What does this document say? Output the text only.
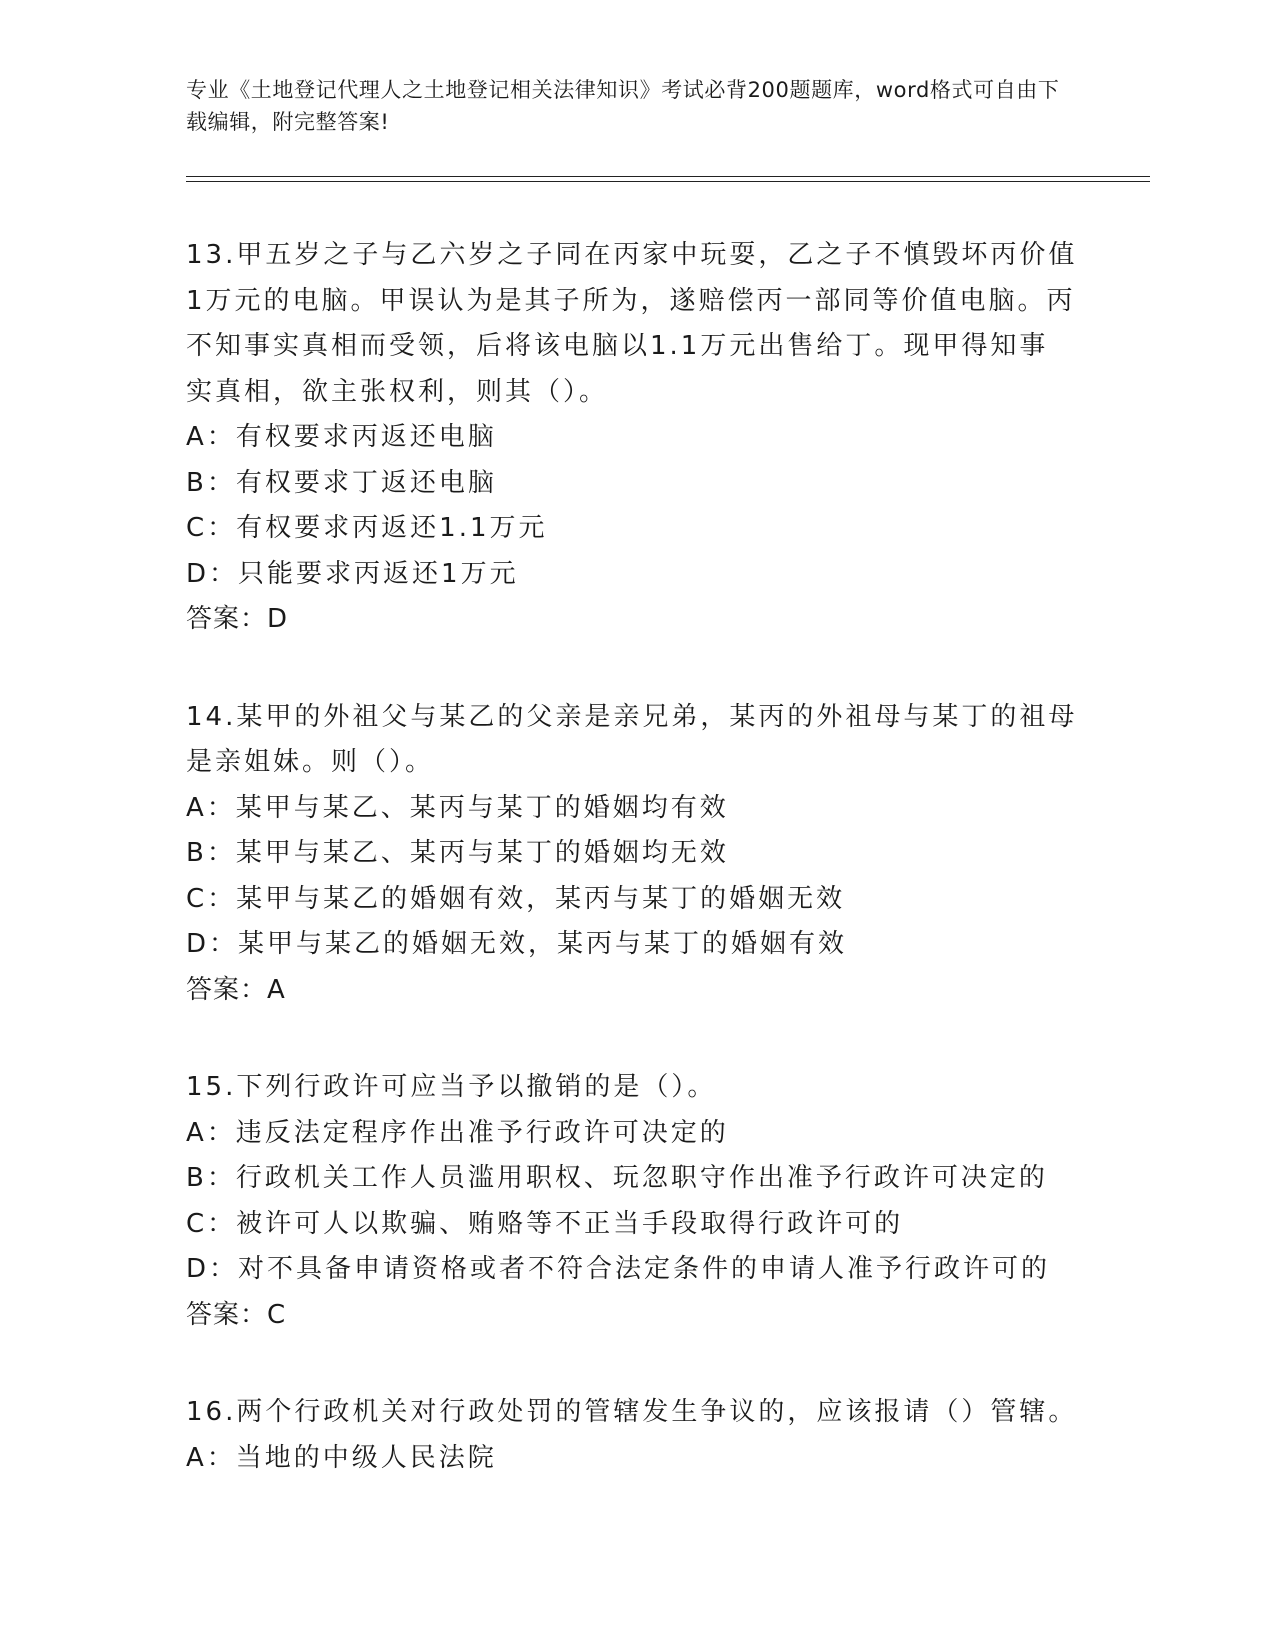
专业《土地登记代理人之土地登记相关法律知识》考试必背200题题库，word格式可自由下载编辑，附完整答案!
13.甲五岁之子与乙六岁之子同在丙家中玩耍，乙之子不慎毁坏丙价值
1万元的电脑。甲误认为是其子所为，遂赔偿丙一部同等价值电脑。丙
不知事实真相而受领，后将该电脑以1.1万元出售给丁。现甲得知事
实真相，欲主张权利，则其（）。
A：有权要求丙返还电脑
B：有权要求丁返还电脑
C：有权要求丙返还1.1万元
D：只能要求丙返还1万元
答案：D
14.某甲的外祖父与某乙的父亲是亲兄弟，某丙的外祖母与某丁的祖母
是亲姐妹。则（）。
A：某甲与某乙、某丙与某丁的婚姻均有效
B：某甲与某乙、某丙与某丁的婚姻均无效
C：某甲与某乙的婚姻有效，某丙与某丁的婚姻无效
D：某甲与某乙的婚姻无效，某丙与某丁的婚姻有效
答案：A
15.下列行政许可应当予以撤销的是（）。
A：违反法定程序作出准予行政许可决定的
B：行政机关工作人员滥用职权、玩忽职守作出准予行政许可决定的
C：被许可人以欺骗、贿赂等不正当手段取得行政许可的
D：对不具备申请资格或者不符合法定条件的申请人准予行政许可的
答案：C
16.两个行政机关对行政处罚的管辖发生争议的，应该报请（）管辖。
A：当地的中级人民法院
